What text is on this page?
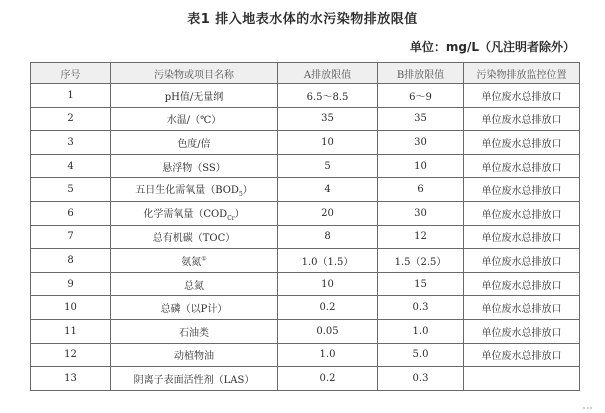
表1 排入地表水体的水污染物排放限值
单位：mg/L（凡注明者除外）
序号	污染物或项目名称	A排放限值	B排放限值	污染物排放监控位置
1	pH值/无量纲	6.5～8.5	6～9	单位废水总排放口
2	水温/（℃）	35	35	单位废水总排放口
3	色度/倍	10	30	单位废水总排放口
4	悬浮物（SS）	5	10	单位废水总排放口
5	五日生化需氧量$(BOD_5)$	4	6	单位废水总排放口
6	化学需氧量$(COD_{Cr})$	20	30	单位废水总排放口
7	总有机碳（TOC）	8	12	单位废水总排放口
8	氨氮①	1.0（1.5）	1.5（2.5）	单位废水总排放口
9	总氮	10	15	单位废水总排放口
10	总磷（以P计）	0.2	0.3	单位废水总排放口
11	石油类	0.05	1.0	单位废水总排放口
12	动植物油	1.0	5.0	单位废水总排放口
13	阴离子表面活性剂（LAS）	0.2	0.3	
